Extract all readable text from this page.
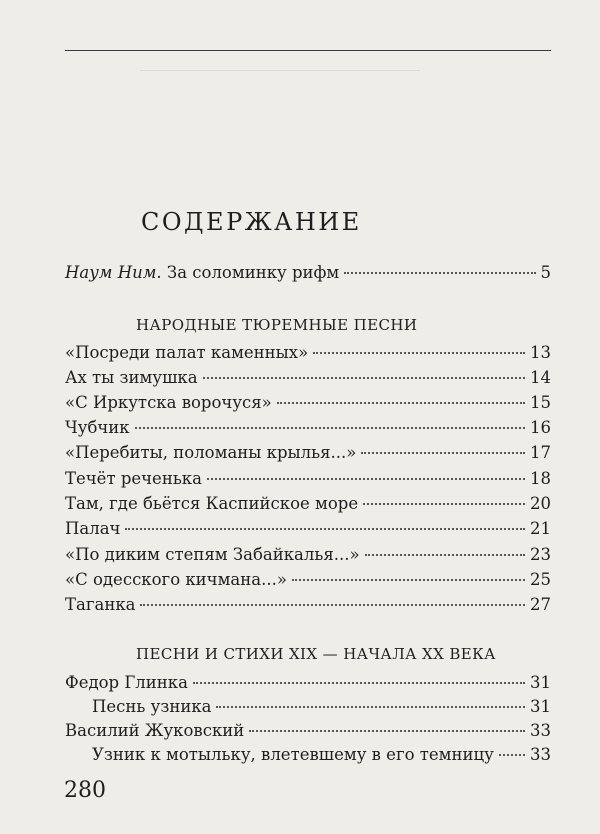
СОДЕРЖАНИЕ
Наум Ним. За соломинку рифм	5
НАРОДНЫЕ ТЮРЕМНЫЕ ПЕСНИ
«Посреди палат каменных»	13
Ах ты зимушка	14
«С Иркутска ворочуся»	15
Чубчик	16
«Перебиты, поломаны крылья...»	17
Течёт реченька	18
Там, где бьётся Каспийское море	20
Палач	21
«По диким степям Забайкалья...»	23
«С одесского кичмана...»	25
Таганка	27
ПЕСНИ И СТИХИ XIX — НАЧАЛА XX ВЕКА
Федор Глинка	31
Песнь узника	31
Василий Жуковский	33
Узник к мотыльку, влетевшему в его темницу 33
280
